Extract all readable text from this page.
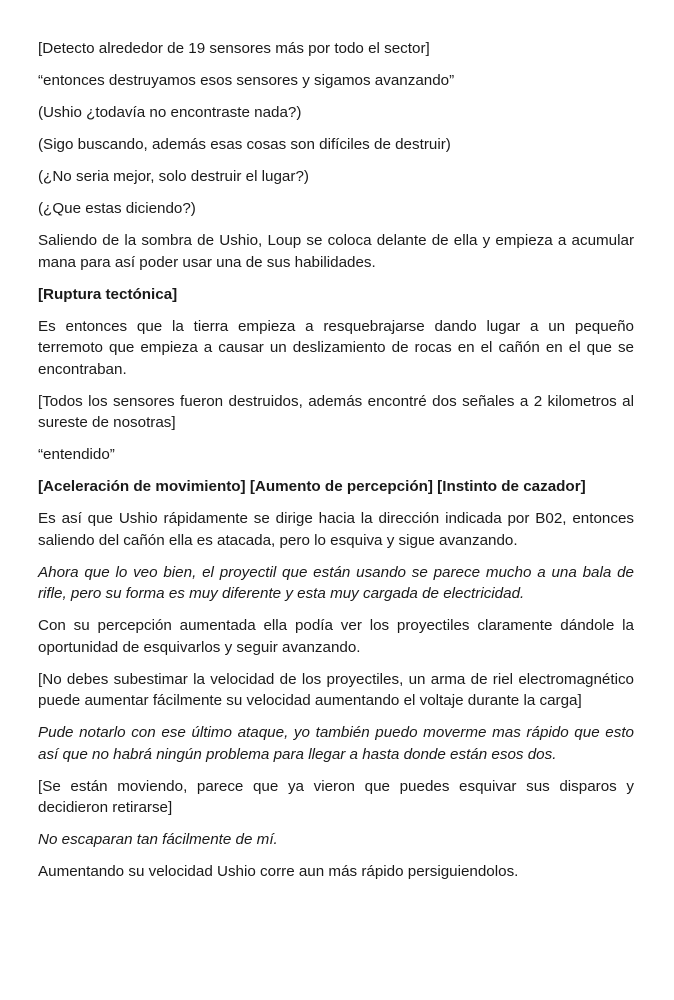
[Detecto alrededor de 19 sensores más por todo el sector]

“entonces destruyamos esos sensores y sigamos avanzando”

(Ushio ¿todavía no encontraste nada?)

(Sigo buscando, además esas cosas son difíciles de destruir)

(¿No seria mejor, solo destruir el lugar?)

(¿Que estas diciendo?)

Saliendo de la sombra de Ushio, Loup se coloca delante de ella y empieza a acumular mana para así poder usar una de sus habilidades.

[Ruptura tectónica]

Es entonces que la tierra empieza a resquebrajarse dando lugar a un pequeño terremoto que empieza a causar un deslizamiento de rocas en el cañón en el que se encontraban.

[Todos los sensores fueron destruidos, además encontré dos señales a 2 kilometros al sureste de nosotras]

“entendido”

[Aceleración de movimiento] [Aumento de percepción] [Instinto de cazador]

Es así que Ushio rápidamente se dirige hacia la dirección indicada por B02, entonces saliendo del cañón ella es atacada, pero lo esquiva y sigue avanzando.

Ahora que lo veo bien, el proyectil que están usando se parece mucho a una bala de rifle, pero su forma es muy diferente y esta muy cargada de electricidad.

Con su percepción aumentada ella podía ver los proyectiles claramente dándole la oportunidad de esquivarlos y seguir avanzando.

[No debes subestimar la velocidad de los proyectiles, un arma de riel electromagnético puede aumentar fácilmente su velocidad aumentando el voltaje durante la carga]

Pude notarlo con ese último ataque, yo también puedo moverme mas rápido que esto así que no habrá ningún problema para llegar a hasta donde están esos dos.

[Se están moviendo, parece que ya vieron que puedes esquivar sus disparos y decidieron retirarse]

No escaparan tan fácilmente de mí.

Aumentando su velocidad Ushio corre aun más rápido persiguiendolos.
